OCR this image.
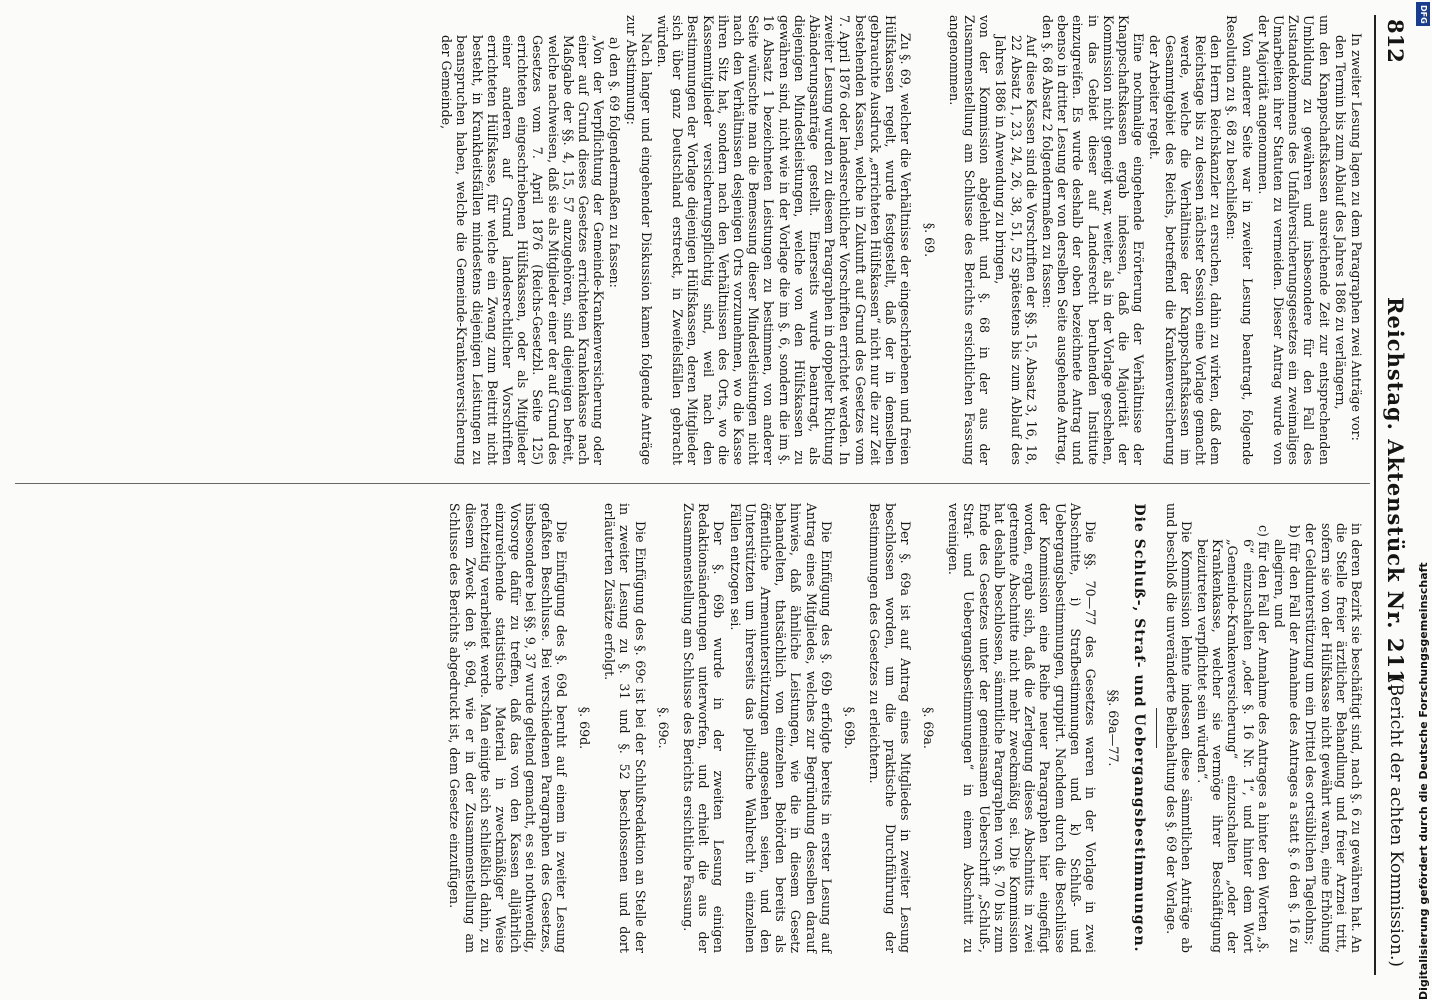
812
Reichstag. Aktenstück Nr. 211.
(Bericht der achten Kommission.)

In zweiter Lesung lagen zu dem Paragraphen zwei Anträge vor:

den Termin bis zum Ablauf des Jahres 1886 zu verlängern,

um den Knappschaftskassen ausreichende Zeit zur entsprechenden Umbildung zu gewähren und insbesondere für den Fall des Zustandekommens des Unfallversicherungsgesetzes ein zweimaliges Umarbeiten ihrer Statuten zu vermeiden. Dieser Antrag wurde von der Majorität angenommen.

Von anderer Seite war in zweiter Lesung beantragt, folgende Resolution zu §. 68 zu beschließen:

den Herrn Reichskanzler zu ersuchen, dahin zu wirken, daß dem Reichstage bis zu dessen nächster Session eine Vorlage gemacht werde, welche die Verhältnisse der Knappschaftskassen im Gesammtgebiet des Reichs, betreffend die Krankenversicherung der Arbeiter regelt.

Eine nochmalige eingehende Erörterung der Verhältnisse der Knappschaftskassen ergab indessen, daß die Majorität der Kommission nicht geneigt war, weiter, als in der Vorlage geschehen, in das Gebiet dieser auf Landesrecht beruhenden Institute einzugreifen. Es wurde deshalb der oben bezeichnete Antrag und ebenso in dritter Lesung der von derselben Seite ausgehende Antrag, den §. 68 Absatz 2 folgendermaßen zu fassen:

Auf diese Kassen sind die Vorschriften der §§. 15, Absatz 3, 16, 18, 22 Absatz 1, 23, 24, 26, 38, 51, 52 spätestens bis zum Ablauf des Jahres 1886 in Anwendung zu bringen,

von der Kommission abgelehnt und §. 68 in der aus der Zusammenstellung am Schlusse des Berichts ersichtlichen Fassung angenommen.

§. 69.

Zu §. 69, welcher die Verhältnisse der eingeschriebenen und freien Hülfskassen regelt, wurde festgestellt, daß der in demselben gebrauchte Ausdruck „errichteten Hülfskassen“ nicht nur die zur Zeit bestehenden Kassen, welche in Zukunft auf Grund des Gesetzes vom 7. April 1876 oder landesrechtlicher Vorschriften errichtet werden. In zweiter Lesung wurden zu diesem Paragraphen in doppelter Richtung Abänderungsanträge gestellt. Einerseits wurde beantragt, als diejenigen Mindestleistungen, welche von den Hülfskassen zu gewähren sind, nicht wie in der Vorlage die im §. 6, sondern die im §. 16 Absatz 1 bezeichneten Leistungen zu bestimmen, von anderer Seite wünschte man die Bemessung dieser Mindestleistungen nicht nach den Verhältnissen desjenigen Orts vorzunehmen, wo die Kasse ihren Sitz hat, sondern nach den Verhältnissen des Orts, wo die Kassenmitglieder versicherungspflichtig sind, weil nach den Bestimmungen der Vorlage diejenigen Hülfskassen, deren Mitglieder sich über ganz Deutschland erstreckt, in Zweifelsfällen gebracht würden.

Nach langer und eingehender Diskussion kamen folgende Anträge zur Abstimmung:

a) den §. 69 folgendermaßen zu fassen:

„Von der Verpflichtung der Gemeinde-Krankenversicherung oder einer auf Grund dieses Gesetzes errichteten Krankenkasse nach Maßgabe der §§. 4, 15, 57 anzugehören, sind diejenigen befreit, welche nachweisen, daß sie als Mitglieder einer der auf Grund des Gesetzes vom 7. April 1876 (Reichs-Gesetzbl. Seite 125) errichteten eingeschriebenen Hülfskassen, oder als Mitglieder einer anderen auf Grund landesrechtlicher Vorschriften errichteten Hülfskasse, für welche ein Zwang zum Beitritt nicht besteht, in Krankheitsfällen mindestens diejenigen Leistungen zu beanspruchen haben, welche die Gemeinde-Krankenversicherung der Gemeinde,

in deren Bezirk sie beschäftigt sind, nach §. 6 zu gewähren hat. An die Stelle freier ärztlicher Behandlung und freier Arznei tritt, sofern sie von der Hülfskasse nicht gewährt waren, eine Erhöhung der Geldunterstützung um ein Drittel des ortsüblichen Tagelohns;

b) für den Fall der Annahme des Antrages a statt §. 6 den §. 16 zu allegiren, und

c) für den Fall der Annahme des Antrages a hinter den Worten „§. 6“ einzuschalten „oder §. 16 Nr. 1“, und hinter dem Wort „Gemeinde-Krankenversicherung“ einzuschalten „oder der Krankenkasse, welcher sie vermöge ihrer Beschäftigung beizutreten verpflichtet sein würden“.

Die Kommission lehnte indessen diese sämmtlichen Anträge ab und beschloß die unveränderte Beibehaltung des §. 69 der Vorlage.

Die Schluß-, Straf- und Uebergangsbestimmungen.
§§. 69a—77.

Die §§. 70—77 des Gesetzes waren in der Vorlage in zwei Abschnitte, i) Strafbestimmungen und k) Schluß- und Uebergangsbestimmungen, gruppirt. Nachdem durch die Beschlüsse der Kommission eine Reihe neuer Paragraphen hier eingefügt worden, ergab sich, daß die Zerlegung dieses Abschnitts in zwei getrennte Abschnitte nicht mehr zweckmäßig sei. Die Kommission hat deshalb beschlossen, sämmtliche Paragraphen von §. 70 bis zum Ende des Gesetzes unter der gemeinsamen Ueberschrift „Schluß-, Straf- und Uebergangsbestimmungen“ in einem Abschnitt zu vereinigen.

§. 69a.

Der §. 69a ist auf Antrag eines Mitgliedes in zweiter Lesung beschlossen worden, um die praktische Durchführung der Bestimmungen des Gesetzes zu erleichtern.

§. 69b.

Die Einfügung des §. 69b erfolgte bereits in erster Lesung auf Antrag eines Mitgliedes, welches zur Begründung desselben darauf hinwies, daß ähnliche Leistungen, wie die in diesem Gesetz behandelten, thatsächlich von einzelnen Behörden bereits als öffentliche Armenunterstützungen angesehen seien, und den Unterstützten um ihrerseits das politische Wahlrecht in einzelnen Fällen entzogen sei.

Der §. 69b wurde in der zweiten Lesung einigen Redaktionsänderungen unterworfen, und erhielt die aus der Zusammenstellung am Schlusse des Berichts ersichtliche Fassung.

§. 69c.

Die Einfügung des §. 69c ist bei der Schlußredaktion an Stelle der in zweiter Lesung zu §. 31 und §. 52 beschlossenen und dort erläuterten Zusätze erfolgt.

§. 69d.

Die Einfügung des §. 69d beruht auf einem in zweiter Lesung gefaßten Beschlusse. Bei verschiedenen Paragraphen des Gesetzes, insbesondere bei §§. 9, 37 wurde geltend gemacht, es sei nothwendig, Vorsorge dafür zu treffen, daß das von den Kassen alljährlich einzureichende statistische Material in zweckmäßiger Weise rechtzeitig verarbeitet werde. Man einigte sich schließlich dahin, zu diesem Zweck den §. 69d, wie er in der Zusammenstellung am Schlusse des Berichts abgedruckt ist, dem Gesetze einzufügen.

DFG
Digitalisierung gefördert durch die Deutsche Forschungsgemeinschaft
